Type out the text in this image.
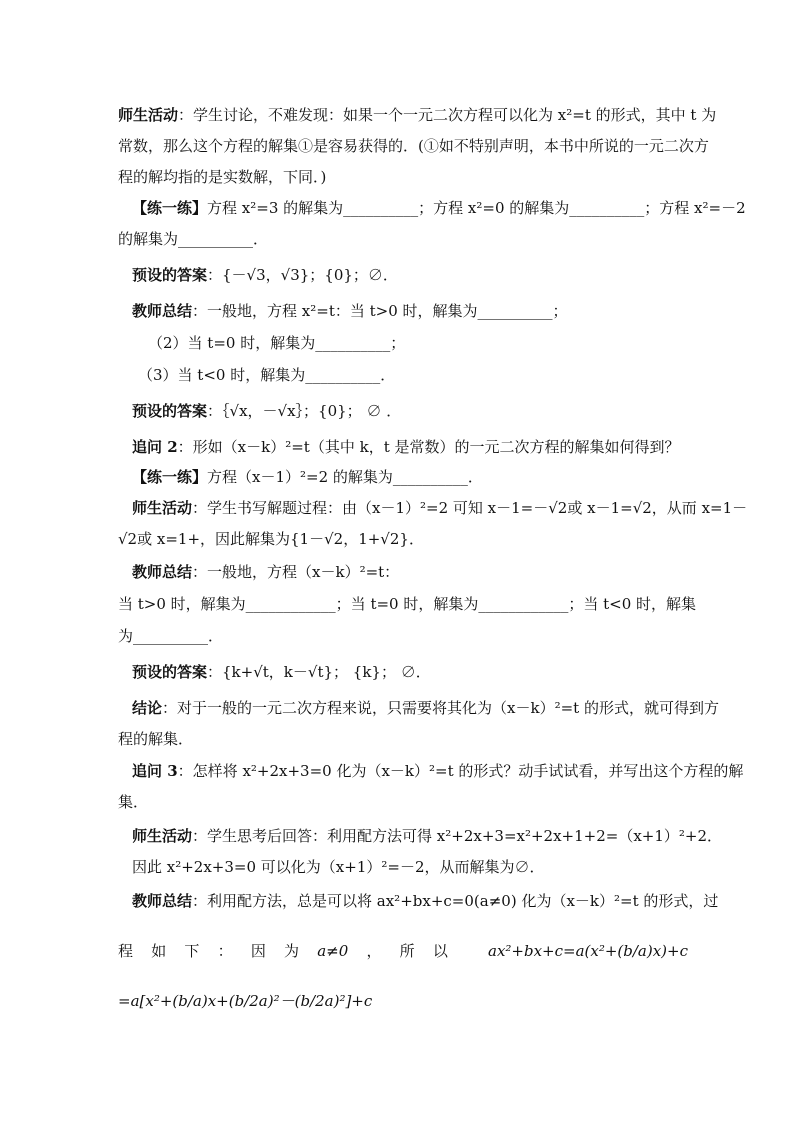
师生活动：学生讨论，不难发现：如果一个一元二次方程可以化为 x²=t 的形式，其中 t 为
常数，那么这个方程的解集①是容易获得的．(①如不特别声明，本书中所说的一元二次方
程的解均指的是实数解，下同．)
【练一练】方程 x²=3 的解集为__________；方程 x²=0 的解集为__________；方程 x²=－2
的解集为__________．
预设的答案：{－√3，√3}；{0}；∅．
教师总结：一般地，方程 x²=t：当 t>0 时，解集为__________；
（2）当 t=0 时，解集为__________；
（3）当 t<0 时，解集为__________．
预设的答案：｛√x，－√x｝；{0}； ∅ ．
追问 2：形如（x－k）²=t（其中 k，t 是常数）的一元二次方程的解集如何得到？
【练一练】方程（x－1）²=2 的解集为__________．
师生活动：学生书写解题过程：由（x－1）²=2 可知 x－1=－√2或 x－1=√2，从而 x=1－
√2或 x=1+，因此解集为{1－√2，1+√2}．
教师总结：一般地，方程（x－k）²=t：
当 t>0 时，解集为____________；当 t=0 时，解集为____________；当 t<0 时，解集
为__________．
预设的答案：{k+√t，k－√t}； {k}； ∅．
结论：对于一般的一元二次方程来说，只需要将其化为（x－k）²=t 的形式，就可得到方
程的解集．
追问 3：怎样将 x²+2x+3=0 化为（x－k）²=t 的形式？动手试试看，并写出这个方程的解
集．
师生活动：学生思考后回答：利用配方法可得 x²+2x+3=x²+2x+1+2=（x+1）²+2．
因此 x²+2x+3=0 可以化为（x+1）²=－2，从而解集为∅．
教师总结：利用配方法，总是可以将 ax²+bx+c=0(a≠0) 化为（x－k）²=t 的形式，过
程 如 下 ： 因 为 a≠0 ， 所 以	ax²+bx+c=a(x²+(b/a)x)+c
=a[x²+(b/a)x+(b/2a)²－(b/2a)²]+c
